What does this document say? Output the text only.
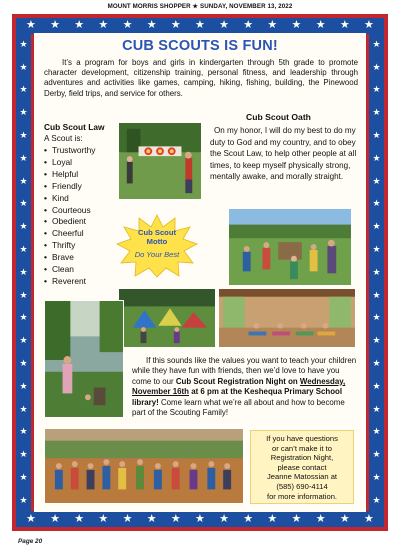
MOUNT MORRIS SHOPPER ★ SUNDAY, NOVEMBER 13, 2022
★ ★ ★ ★ ★ ★ ★ ★ ★ ★ ★ ★ ★ ★ ★
★ ★ ★ ★ ★ ★ ★ ★ ★ ★ ★ ★ ★ ★ ★
★
★
★
★
★
★
★
★
★
★
★
★
★
★
★
★
★
★
★
★
★
★
★
★
★
★
★
★
★
★
★
★
★
★
★
★
★
★
★
★
★
★
CUB SCOUTS IS FUN!

It’s a program for boys and girls in kindergarten through 5th grade to promote character development, citizenship training, personal fitness, and leadership through adventures and activities like games, camping, hiking, fishing, building, the Pinewood Derby, field trips, and service for others.

Cub Scout Oath

On my honor, I will do my best to do my duty to God and my country, and to obey the Scout Law, to help other people at all times, to keep myself physically strong, mentally awake, and morally straight.

Cub Scout Law
A Scout is:
• Trustworthy
• Loyal
• Helpful
• Friendly
• Kind
• Courteous
• Obedient
• Cheerful
• Thrifty
• Brave
• Clean
• Reverent
Cub Scout
Motto
Do Your Best

If this sounds like the values you want to teach your children while they have fun with friends, then we’d love to have you come to our Cub Scout Registration Night on Wednesday, November 16th at 6 pm at the Keshequa Primary School library! Come learn what we’re all about and how to become part of the Scouting Family!

If you have questions
or can’t make it to
Registration Night,
please contact
Jeanne Matossian at
(585) 690-4114
for more information.
Page 20
